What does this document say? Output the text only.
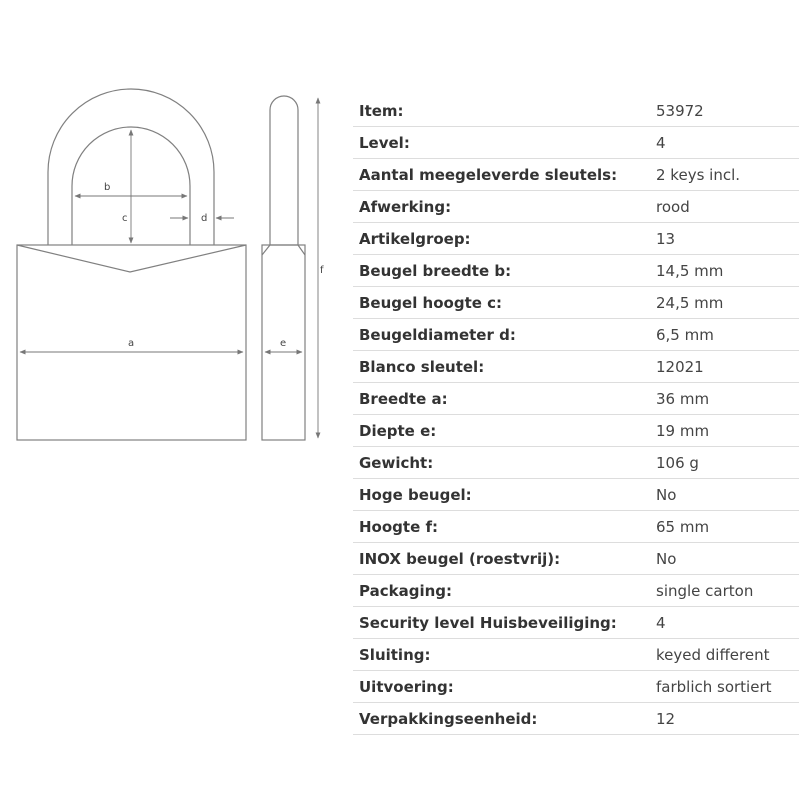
b
c	d
a	e
f
Item:	53972
Level:	4
Aantal meegeleverde sleutels:	2 keys incl.
Afwerking:	rood
Artikelgroep:	13
Beugel breedte b:	14,5 mm
Beugel hoogte c:	24,5 mm
Beugeldiameter d:	6,5 mm
Blanco sleutel:	12021
Breedte a:	36 mm
Diepte e:	19 mm
Gewicht:	106 g
Hoge beugel:	No
Hoogte f:	65 mm
INOX beugel (roestvrij):	No
Packaging:	single carton
Security level Huisbeveiliging:	4
Sluiting:	keyed different
Uitvoering:	farblich sortiert
Verpakkingseenheid:	12
